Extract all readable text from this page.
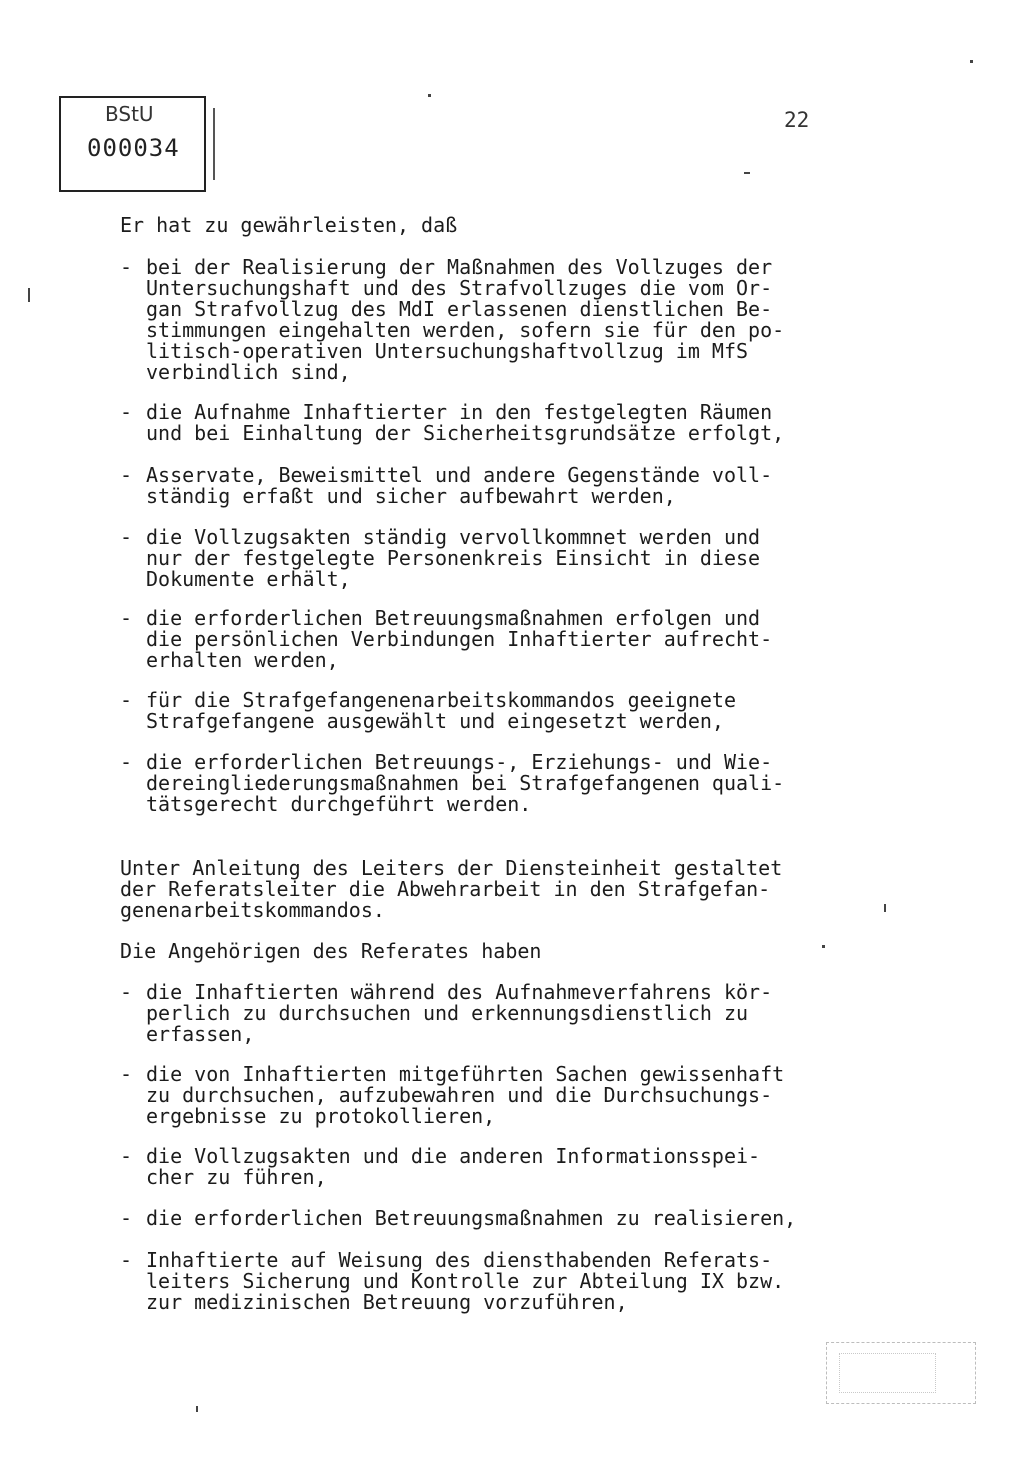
BStU
000034
22
Er hat zu gewährleisten, daß
- bei der Realisierung der Maßnahmen des Vollzuges der
Untersuchungshaft und des Strafvollzuges die vom Or-
gan Strafvollzug des MdI erlassenen dienstlichen Be-
stimmungen eingehalten werden, sofern sie für den po-
litisch-operativen Untersuchungshaftvollzug im MfS
verbindlich sind,
- die Aufnahme Inhaftierter in den festgelegten Räumen
und bei Einhaltung der Sicherheitsgrundsätze erfolgt,
- Asservate, Beweismittel und andere Gegenstände voll-
ständig erfaßt und sicher aufbewahrt werden,
- die Vollzugsakten ständig vervollkommnet werden und
nur der festgelegte Personenkreis Einsicht in diese
Dokumente erhält,
- die erforderlichen Betreuungsmaßnahmen erfolgen und
die persönlichen Verbindungen Inhaftierter aufrecht-
erhalten werden,
- für die Strafgefangenenarbeitskommandos geeignete
Strafgefangene ausgewählt und eingesetzt werden,
- die erforderlichen Betreuungs-, Erziehungs- und Wie-
dereingliederungsmaßnahmen bei Strafgefangenen quali-
tätsgerecht durchgeführt werden.
Unter Anleitung des Leiters der Diensteinheit gestaltet
der Referatsleiter die Abwehrarbeit in den Strafgefan-
genenarbeitskommandos.
Die Angehörigen des Referates haben
- die Inhaftierten während des Aufnahmeverfahrens kör-
perlich zu durchsuchen und erkennungsdienstlich zu
erfassen,
- die von Inhaftierten mitgeführten Sachen gewissenhaft
zu durchsuchen, aufzubewahren und die Durchsuchungs-
ergebnisse zu protokollieren,
- die Vollzugsakten und die anderen Informationsspei-
cher zu führen,
- die erforderlichen Betreuungsmaßnahmen zu realisieren,
- Inhaftierte auf Weisung des diensthabenden Referats-
leiters Sicherung und Kontrolle zur Abteilung IX bzw.
zur medizinischen Betreuung vorzuführen,
